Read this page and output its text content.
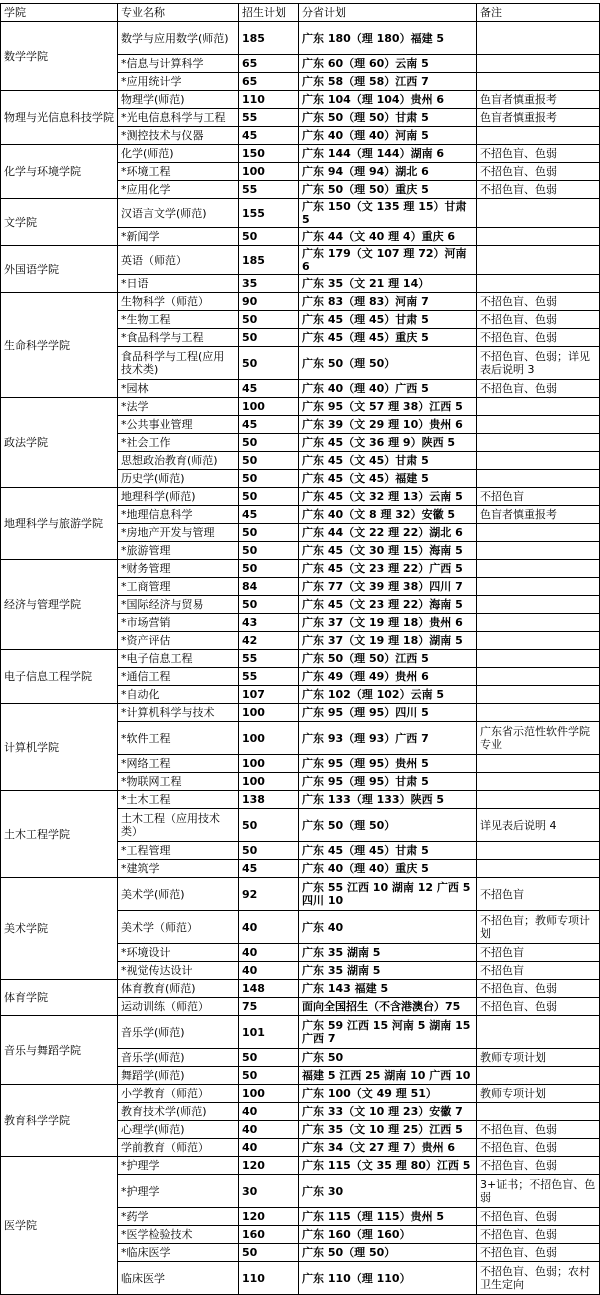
学院	专业名称	招生计划	分省计划	备注
数学学院	数学与应用数学(师范)	185	广东 180（理 180）福建 5	
	*信息与计算科学	65	广东 60（理 60）云南 5	
	*应用统计学	65	广东 58（理 58）江西 7	
物理与光信息科技学院	物理学(师范)	110	广东 104（理 104）贵州 6	色盲者慎重报考
	*光电信息科学与工程	55	广东 50（理 50）甘肃 5	色盲者慎重报考
	*测控技术与仪器	45	广东 40（理 40）河南 5	
化学与环境学院	化学(师范)	150	广东 144（理 144）湖南 6	不招色盲、色弱
	*环境工程	100	广东 94（理 94）湖北 6	不招色盲、色弱
	*应用化学	55	广东 50（理 50）重庆 5	不招色盲、色弱
文学院	汉语言文学(师范)	155	广东 150（文 135 理 15）甘肃 5	
	*新闻学	50	广东 44（文 40 理 4）重庆 6	
外国语学院	英语（师范）	185	广东 179（文 107 理 72）河南 6	
	*日语	35	广东 35（文 21 理 14）	
生命科学学院	生物科学（师范）	90	广东 83（理 83）河南 7	不招色盲、色弱
	*生物工程	50	广东 45（理 45）甘肃 5	不招色盲、色弱
	*食品科学与工程	50	广东 45（理 45）重庆 5	不招色盲、色弱
	食品科学与工程(应用技术类)	50	广东 50（理 50）	不招色盲、色弱；详见表后说明 3
	*园林	45	广东 40（理 40）广西 5	不招色盲、色弱
政法学院	*法学	100	广东 95（文 57 理 38）江西 5	
	*公共事业管理	45	广东 39（文 29 理 10）贵州 6	
	*社会工作	50	广东 45（文 36 理 9）陕西 5	
	思想政治教育(师范)	50	广东 45（文 45）甘肃 5	
	历史学(师范)	50	广东 45（文 45）福建 5	
地理科学与旅游学院	地理科学(师范)	50	广东 45（文 32 理 13）云南 5	不招色盲
	*地理信息科学	45	广东 40（文 8 理 32）安徽 5	色盲者慎重报考
	*房地产开发与管理	50	广东 44（文 22 理 22）湖北 6	
	*旅游管理	50	广东 45（文 30 理 15）海南 5	
经济与管理学院	*财务管理	50	广东 45（文 23 理 22）广西 5	
	*工商管理	84	广东 77（文 39 理 38）四川 7	
	*国际经济与贸易	50	广东 45（文 23 理 22）海南 5	
	*市场营销	43	广东 37（文 19 理 18）贵州 6	
	*资产评估	42	广东 37（文 19 理 18）湖南 5	
电子信息工程学院	*电子信息工程	55	广东 50（理 50）江西 5	
	*通信工程	55	广东 49（理 49）贵州 6	
	*自动化	107	广东 102（理 102）云南 5	
计算机学院	*计算机科学与技术	100	广东 95（理 95）四川 5	
	*软件工程	100	广东 93（理 93）广西 7	广东省示范性软件学院专业
	*网络工程	100	广东 95（理 95）贵州 5	
	*物联网工程	100	广东 95（理 95）甘肃 5	
土木工程学院	*土木工程	138	广东 133（理 133）陕西 5	
	土木工程（应用技术类）	50	广东 50（理 50）	详见表后说明 4
	*工程管理	50	广东 45（理 45）甘肃 5	
	*建筑学	45	广东 40（理 40）重庆 5	
美术学院	美术学(师范)	92	广东 55 江西 10 湖南 12 广西 5 四川 10	不招色盲
	美术学（师范）	40	广东 40	不招色盲；教师专项计划
	*环境设计	40	广东 35 湖南 5	不招色盲
	*视觉传达设计	40	广东 35 湖南 5	不招色盲
体育学院	体育教育(师范)	148	广东 143 福建 5	不招色盲、色弱
	运动训练（师范）	75	面向全国招生（不含港澳台）75	不招色盲、色弱
音乐与舞蹈学院	音乐学(师范)	101	广东 59 江西 15 河南 5 湖南 15 广西 7	
	音乐学(师范)	50	广东 50	教师专项计划
	舞蹈学(师范)	50	福建 5 江西 25 湖南 10 广西 10	
教育科学学院	小学教育（师范）	100	广东 100（文 49 理 51）	教师专项计划
	教育技术学(师范)	40	广东 33（文 10 理 23）安徽 7	
	心理学(师范)	40	广东 35（文 10 理 25）江西 5	不招色盲、色弱
	学前教育（师范）	40	广东 34（文 27 理 7）贵州 6	不招色盲、色弱
医学院	*护理学	120	广东 115（文 35 理 80）江西 5	不招色盲、色弱
	*护理学	30	广东 30	3+证书；不招色盲、色弱
	*药学	120	广东 115（理 115）贵州 5	不招色盲、色弱
	*医学检验技术	160	广东 160（理 160）	不招色盲、色弱
	*临床医学	50	广东 50（理 50）	不招色盲、色弱
	临床医学	110	广东 110（理 110）	不招色盲、色弱；农村卫生定向
